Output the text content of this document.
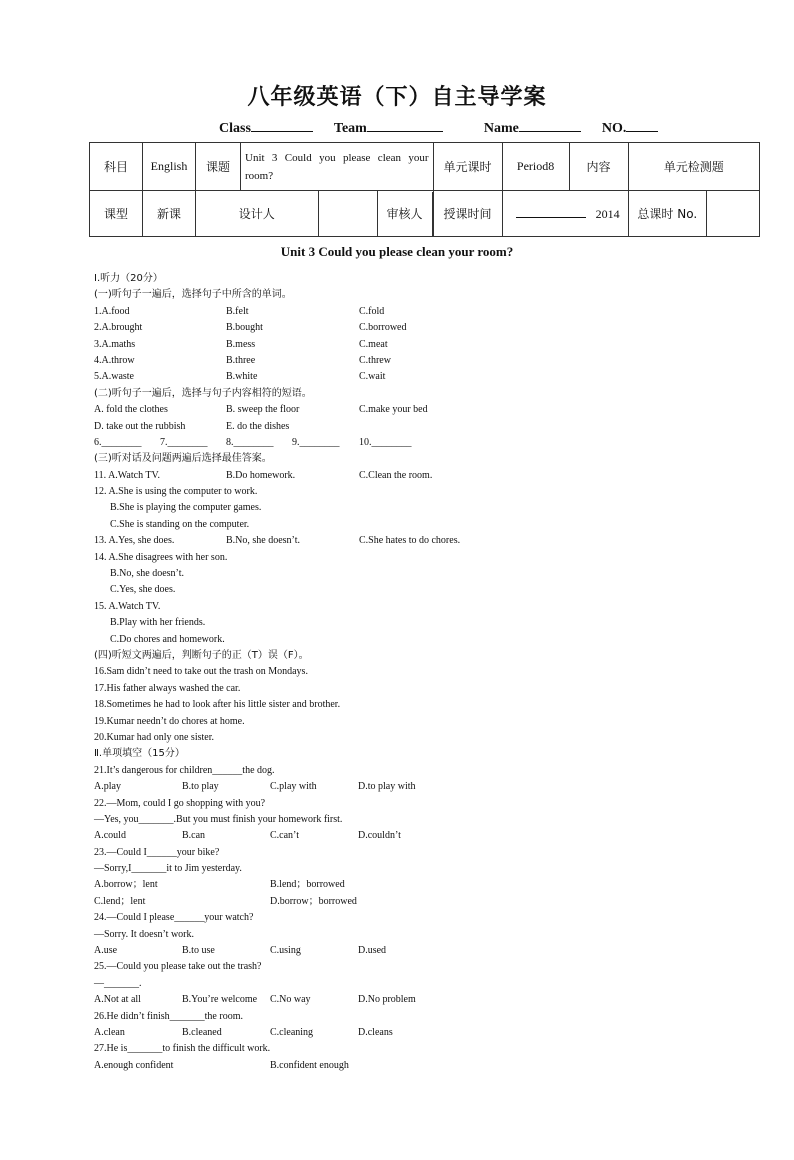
八年级英语（下）自主导学案
Class	Team	Name	NO.
科目	English	课题	Unit 3 Could you please clean your room?			单元课时	Period8	内容	单元检测题	
课型	新课	设计人			审核人	授课时间	2014		总课时 No.	
Unit 3 Could you please clean your room?
Ⅰ.听力（20分）
(一)听句子一遍后，选择句子中所含的单词。
1.A.food	B.felt	C.fold
2.A.brought	B.bought	C.borrowed
3.A.maths	B.mess	C.meat
4.A.throw	B.three	C.threw
5.A.waste	B.white	C.wait
(二)听句子一遍后，选择与句子内容相符的短语。
A. fold the clothes	B. sweep the floor	C.make your bed
D. take out the rubbish	E. do the dishes
6.________ 7.________ 8.________ 9.________ 10.________
(三)听对话及问题两遍后选择最佳答案。
11. A.Watch TV.	B.Do homework.	C.Clean the room.
12. A.She is using the computer to work.
B.She is playing the computer games.
C.She is standing on the computer.
13. A.Yes, she does.	B.No, she doesn’t.	C.She hates to do chores.
14. A.She disagrees with her son.
B.No, she doesn’t.
C.Yes, she does.
15. A.Watch TV.
B.Play with her friends.
C.Do chores and homework.
(四)听短文两遍后，判断句子的正（T）误（F）。
16.Sam didn’t need to take out the trash on Mondays.
17.His father always washed the car.
18.Sometimes he had to look after his little sister and brother.
19.Kumar needn’t do chores at home.
20.Kumar had only one sister.
Ⅱ.单项填空（15分）
21.It’s dangerous for children______the dog.
A.play	B.to play	C.play with	D.to play with
22.—Mom, could I go shopping with you?
—Yes, you_______.But you must finish your homework first.
A.could	B.can	C.can’t	D.couldn’t
23.—Could I______your bike?
—Sorry,I_______it to Jim yesterday.
A.borrow；lent	B.lend；borrowed
C.lend；lent	D.borrow；borrowed
24.—Could I please______your watch?
—Sorry. It doesn’t work.
A.use	B.to use	C.using	D.used
25.—Could you please take out the trash?
—_______.
A.Not at all	B.You’re welcome C.No way	D.No problem
26.He didn’t finish_______the room.
A.clean	B.cleaned	C.cleaning	D.cleans
27.He is_______to finish the difficult work.
A.enough confident	B.confident enough
